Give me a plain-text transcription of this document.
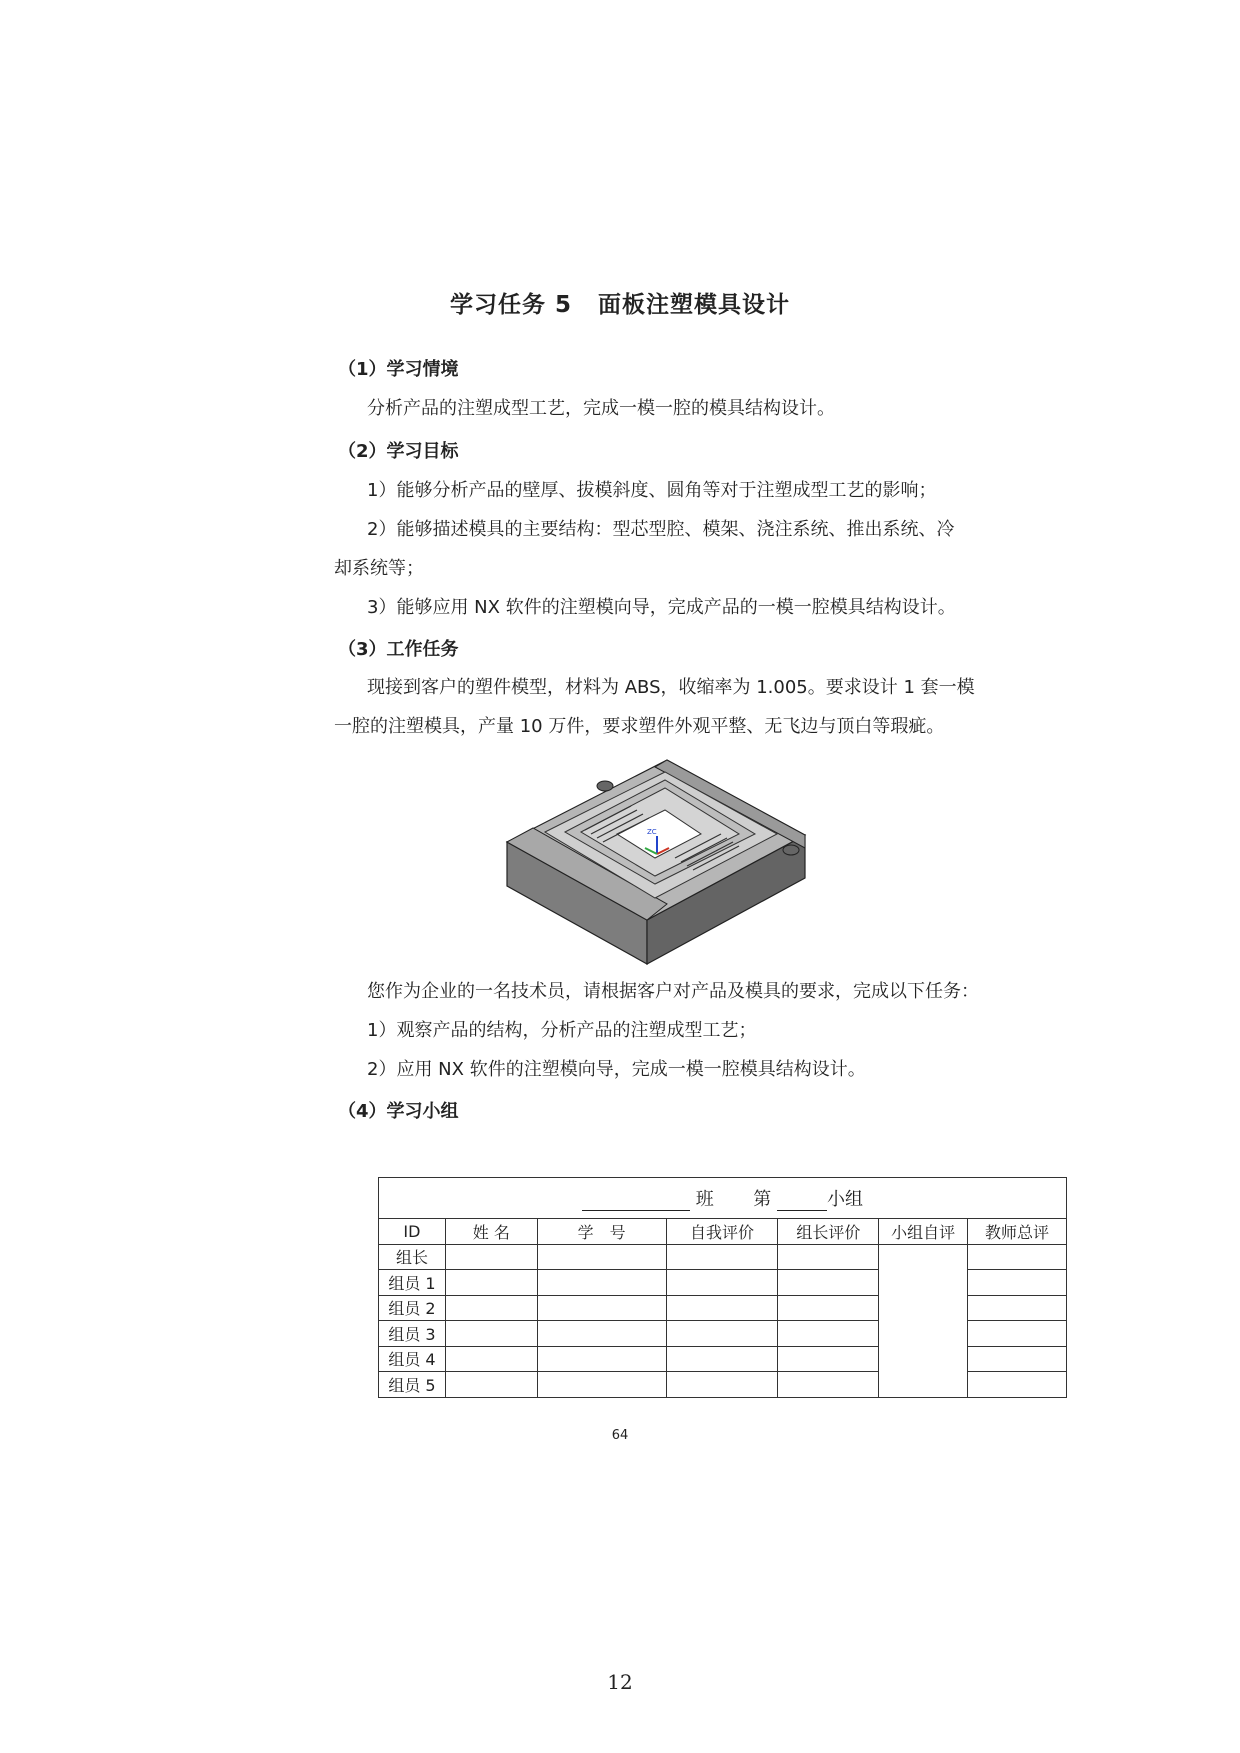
学习任务 5 面板注塑模具设计
（1）学习情境
分析产品的注塑成型工艺，完成一模一腔的模具结构设计。
（2）学习目标
1）能够分析产品的壁厚、拔模斜度、圆角等对于注塑成型工艺的影响；
2）能够描述模具的主要结构：型芯型腔、模架、浇注系统、推出系统、冷
却系统等；
3）能够应用 NX 软件的注塑模向导，完成产品的一模一腔模具结构设计。
（3）工作任务
现接到客户的塑件模型，材料为 ABS，收缩率为 1.005。要求设计 1 套一模
一腔的注塑模具，产量 10 万件，要求塑件外观平整、无飞边与顶白等瑕疵。
ZC
您作为企业的一名技术员，请根据客户对产品及模具的要求，完成以下任务：
1）观察产品的结构，分析产品的注塑成型工艺；
2）应用 NX 软件的注塑模向导，完成一模一腔模具结构设计。
（4）学习小组
班 第 小组						
ID	姓 名	学　号	自我评价	组长评价	小组自评	教师总评
组长						
组员 1						
组员 2						
组员 3						
组员 4						
组员 5						
64
12
